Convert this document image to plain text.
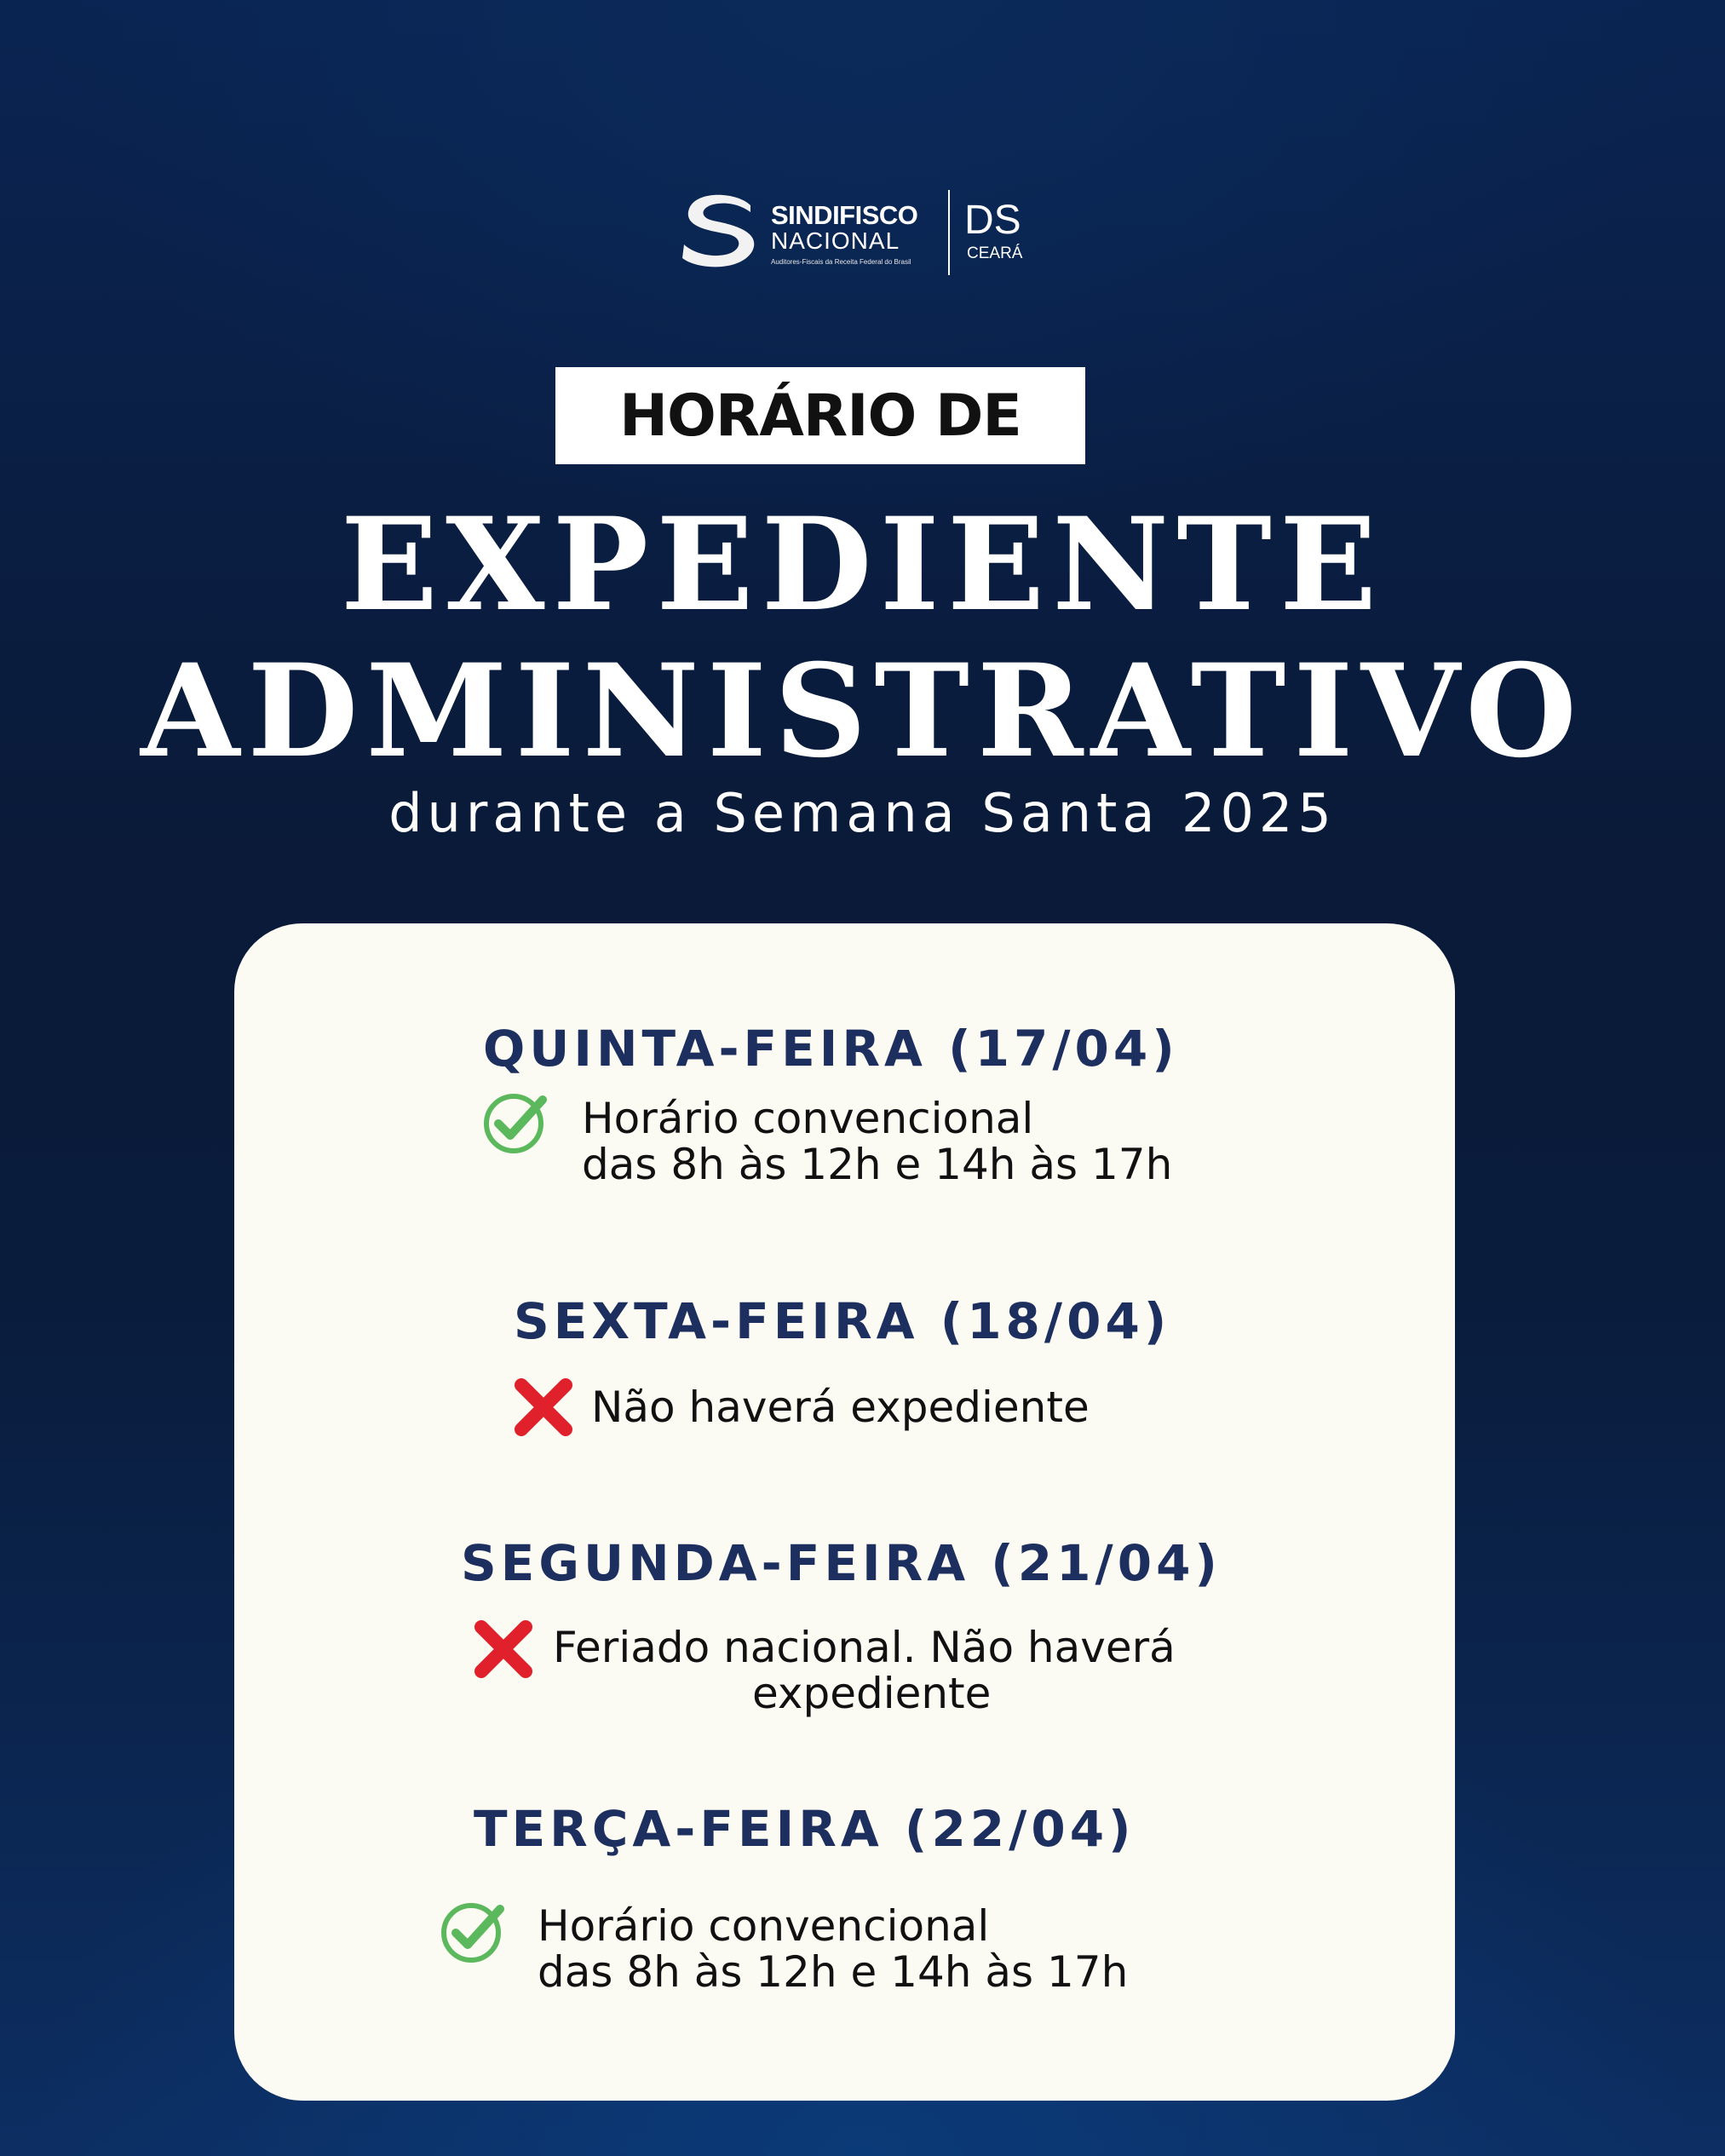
SINDIFISCO
NACIONAL
Auditores-Fiscais da Receita Federal do Brasil
DS
CEARÁ
HORÁRIO DE
EXPEDIENTE
ADMINISTRATIVO
durante a Semana Santa 2025
QUINTA-FEIRA (17/04)
Horário convencional
das 8h às 12h e 14h às 17h
SEXTA-FEIRA (18/04)
Não haverá expediente
SEGUNDA-FEIRA (21/04)
Feriado nacional. Não haverá
expediente
TERÇA-FEIRA (22/04)
Horário convencional
das 8h às 12h e 14h às 17h
